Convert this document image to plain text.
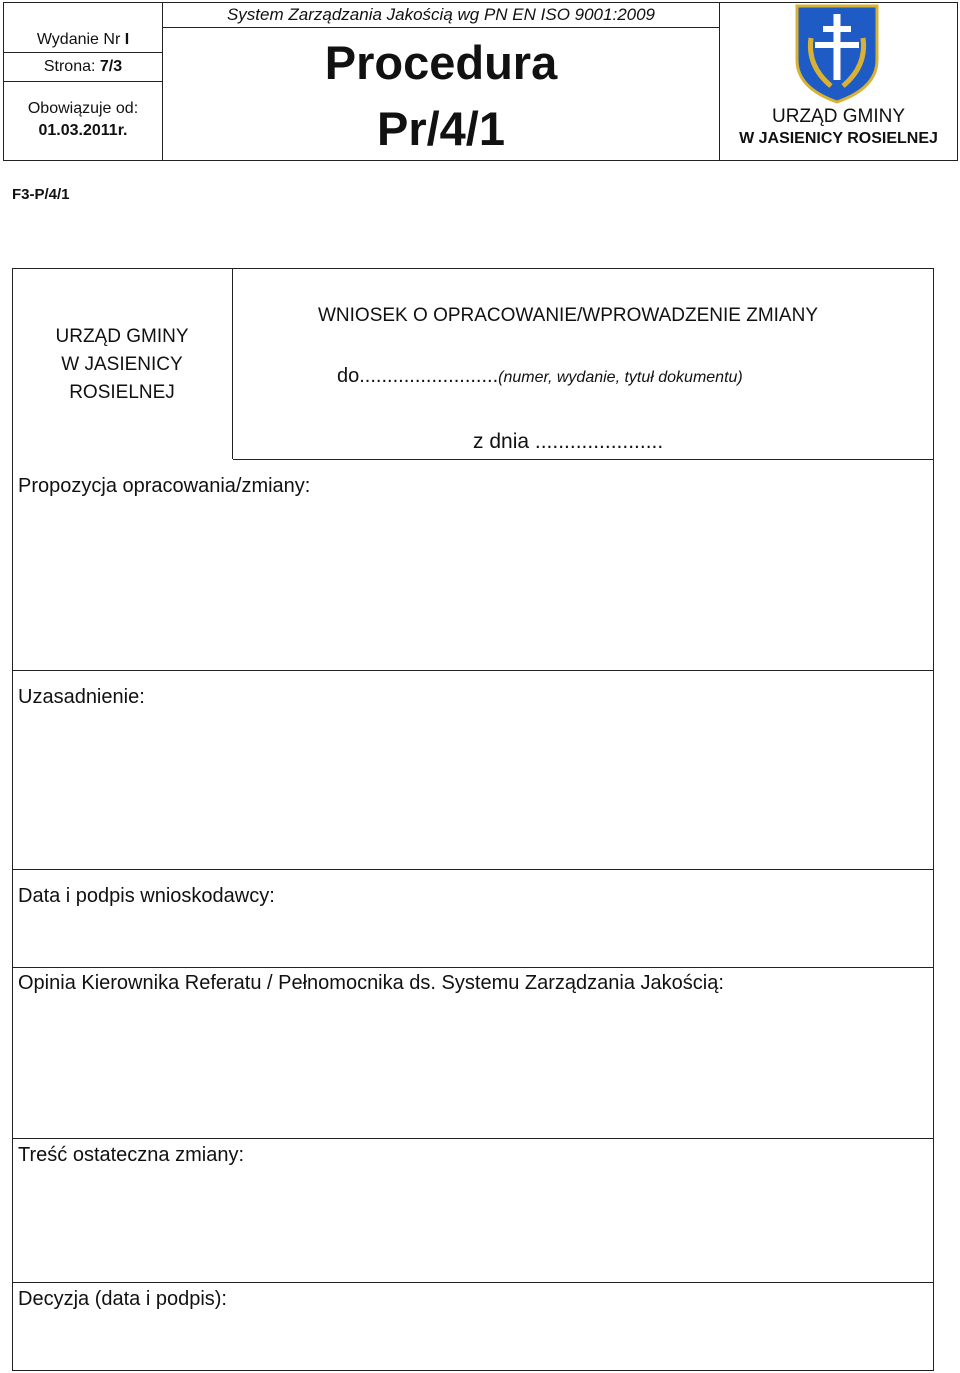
Wydanie Nr
I
Strona:
7/3
Obowiązuje od:
01.03.2011r.
System Zarządzania Jakością wg PN EN ISO 9001:2009
Procedura
Pr/4/1	URZĄD GMINY
W JASIENICY ROSIELNEJ
F3-P/4/1
URZĄD GMINY
W JASIENICY
ROSIELNEJ
WNIOSEK O OPRACOWANIE/WPROWADZENIE ZMIANY
do.........................(numer, wydanie, tytuł dokumentu)
z dnia ......................
Propozycja opracowania/zmiany:
Uzasadnienie:
Data i podpis wnioskodawcy:
Opinia Kierownika Referatu / Pełnomocnika ds. Systemu Zarządzania Jakością:
Treść ostateczna zmiany:
Decyzja (data i podpis):
